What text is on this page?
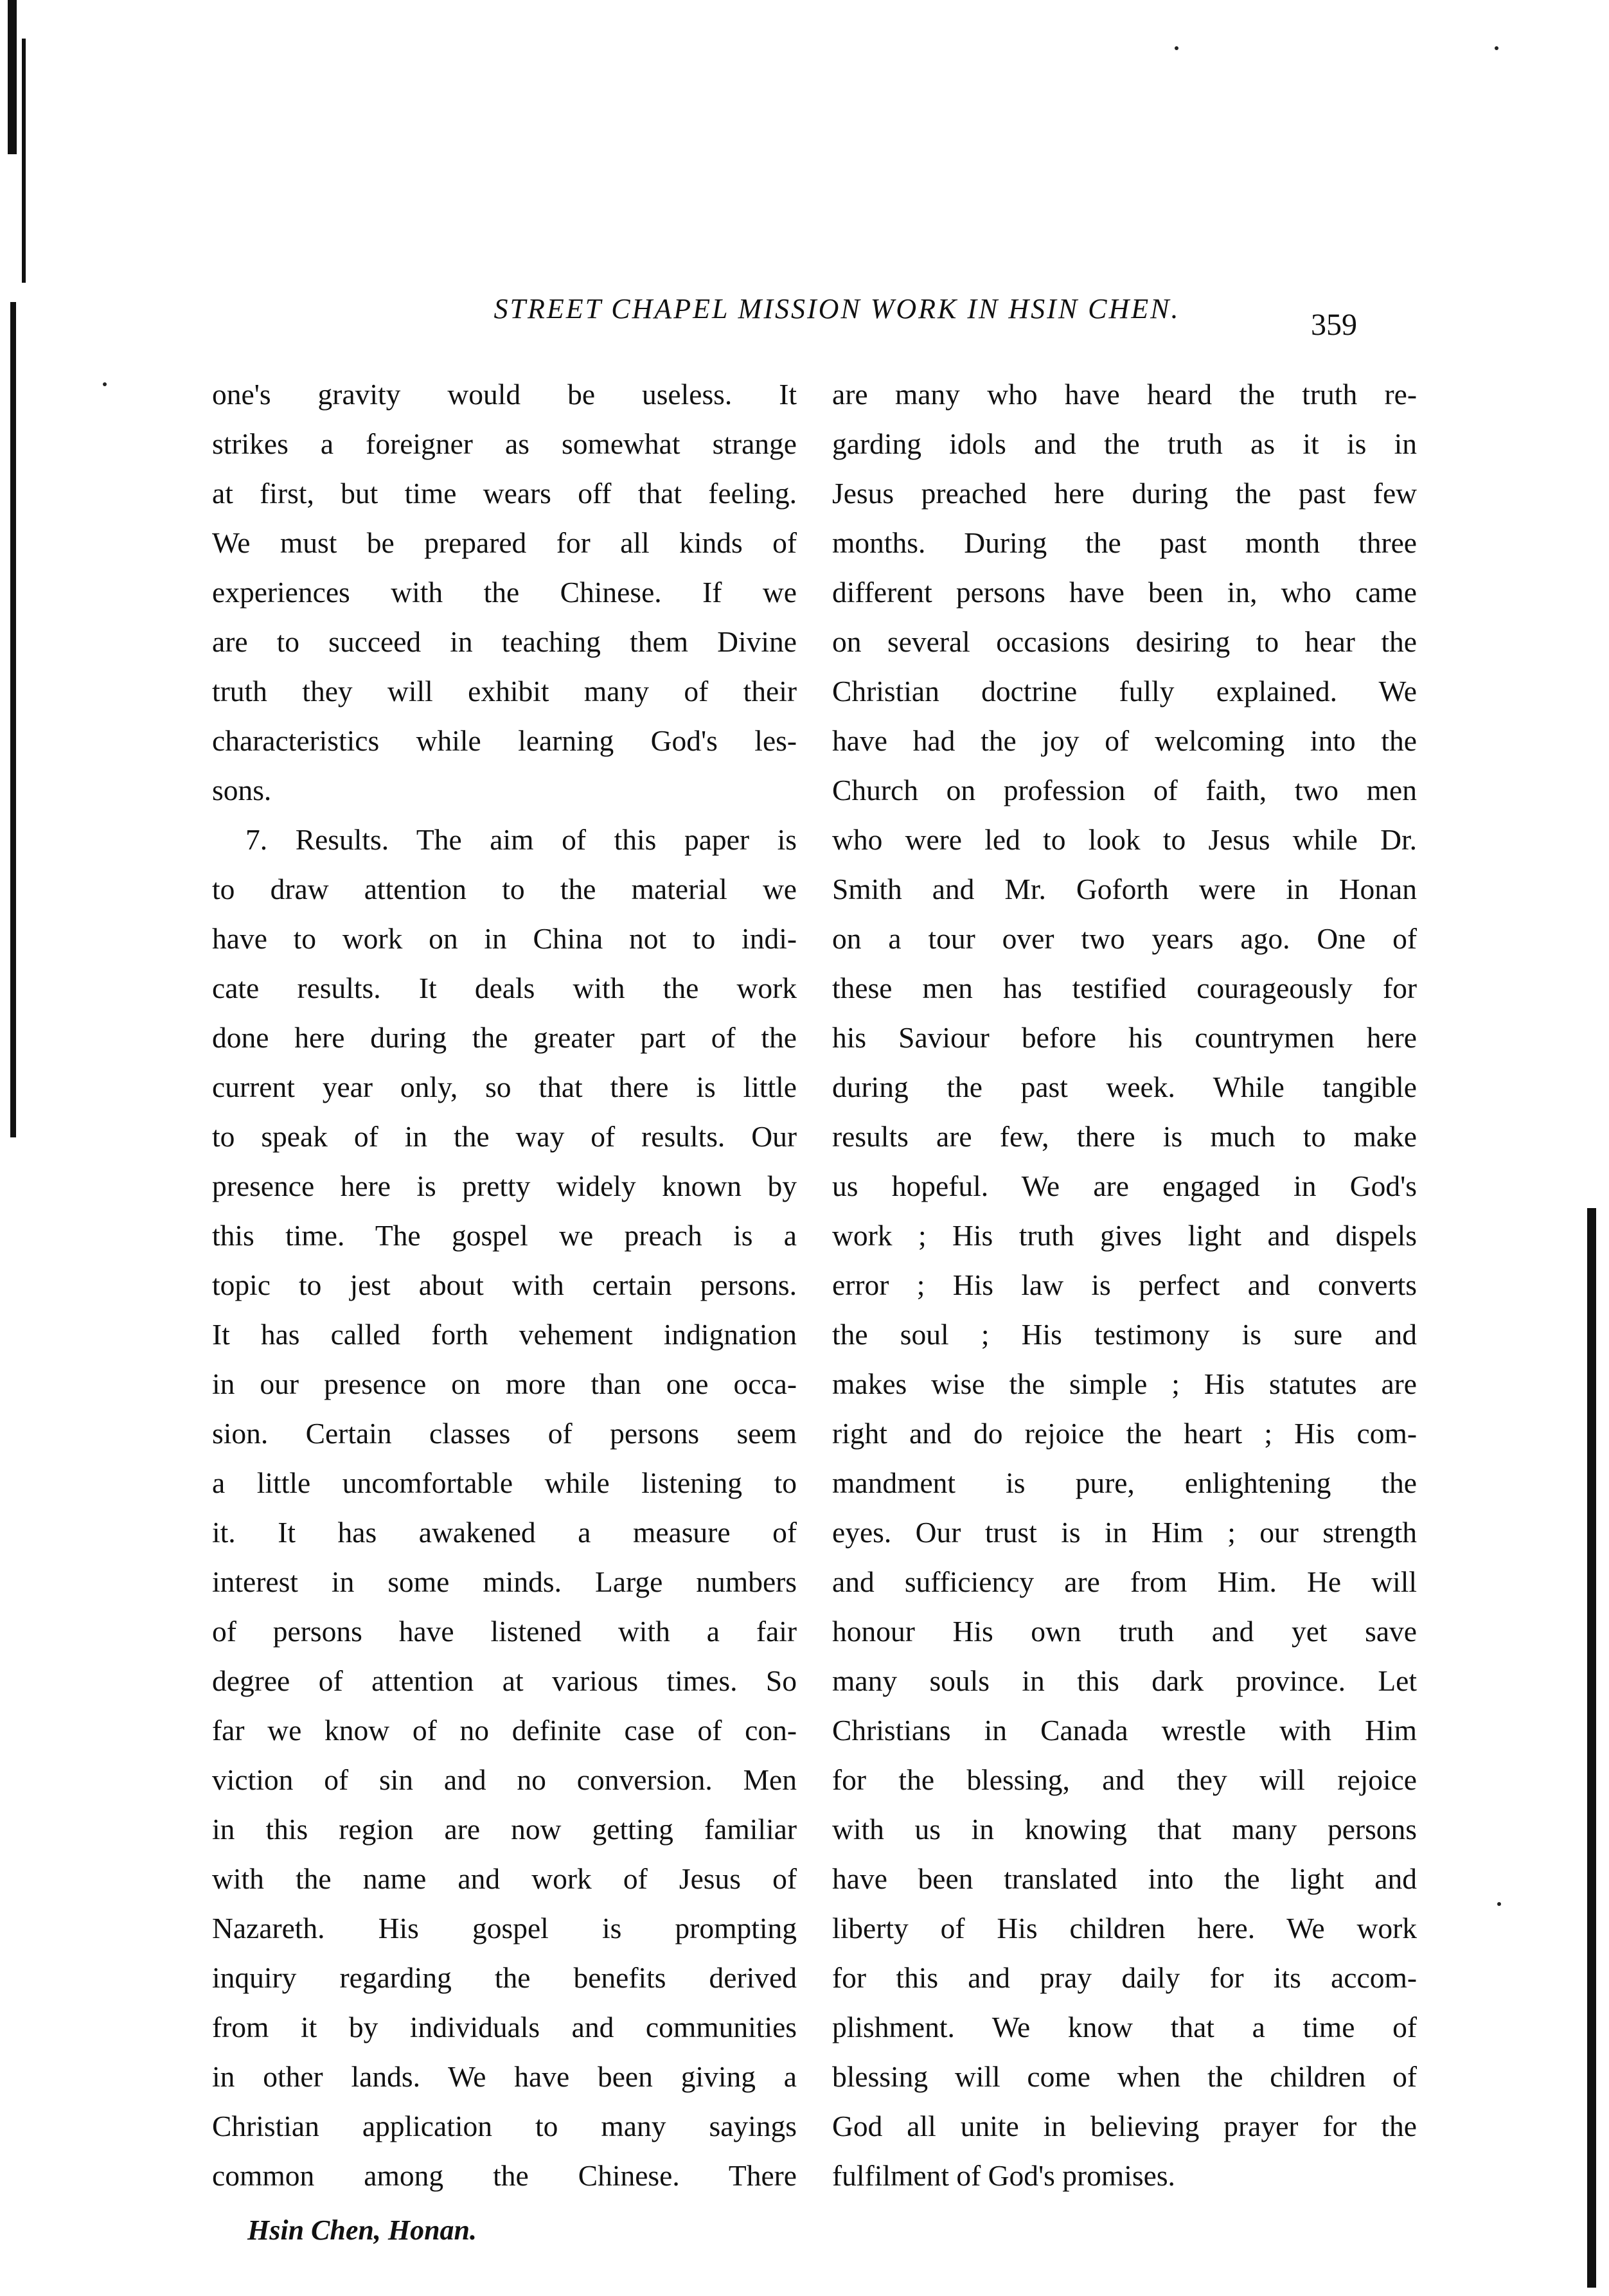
STREET CHAPEL MISSION WORK IN HSIN CHEN.	359
one's gravity would be useless. It
strikes a foreigner as somewhat strange
at first, but time wears off that feeling.
We must be prepared for all kinds of
experiences with the Chinese. If we
are to succeed in teaching them Divine
truth they will exhibit many of their
characteristics while learning God's les-
sons.
7. Results. The aim of this paper is
to draw attention to the material we
have to work on in China not to indi-
cate results. It deals with the work
done here during the greater part of the
current year only, so that there is little
to speak of in the way of results. Our
presence here is pretty widely known by
this time. The gospel we preach is a
topic to jest about with certain persons.
It has called forth vehement indignation
in our presence on more than one occa-
sion. Certain classes of persons seem
a little uncomfortable while listening to
it. It has awakened a measure of
interest in some minds. Large numbers
of persons have listened with a fair
degree of attention at various times. So
far we know of no definite case of con-
viction of sin and no conversion. Men
in this region are now getting familiar
with the name and work of Jesus of
Nazareth. His gospel is prompting
inquiry regarding the benefits derived
from it by individuals and communities
in other lands. We have been giving a
Christian application to many sayings
common among the Chinese. There
are many who have heard the truth re-
garding idols and the truth as it is in
Jesus preached here during the past few
months. During the past month three
different persons have been in, who came
on several occasions desiring to hear the
Christian doctrine fully explained. We
have had the joy of welcoming into the
Church on profession of faith, two men
who were led to look to Jesus while Dr.
Smith and Mr. Goforth were in Honan
on a tour over two years ago. One of
these men has testified courageously for
his Saviour before his countrymen here
during the past week. While tangible
results are few, there is much to make
us hopeful. We are engaged in God's
work ; His truth gives light and dispels
error ; His law is perfect and converts
the soul ; His testimony is sure and
makes wise the simple ; His statutes are
right and do rejoice the heart ; His com-
mandment is pure, enlightening the
eyes. Our trust is in Him ; our strength
and sufficiency are from Him. He will
honour His own truth and yet save
many souls in this dark province. Let
Christians in Canada wrestle with Him
for the blessing, and they will rejoice
with us in knowing that many persons
have been translated into the light and
liberty of His children here. We work
for this and pray daily for its accom-
plishment. We know that a time of
blessing will come when the children of
God all unite in believing prayer for the
fulfilment of God's promises.
Hsin Chen, Honan.
